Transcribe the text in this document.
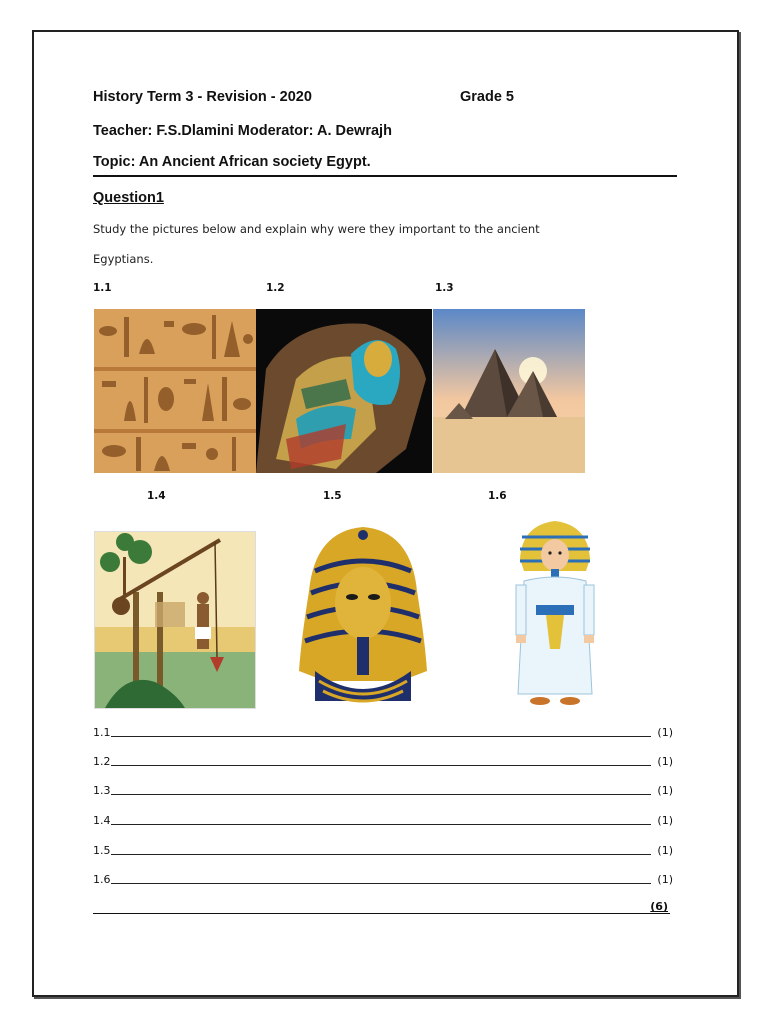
History Term 3 - Revision - 2020	Grade 5
Teacher: F.S.Dlamini Moderator: A. Dewrajh
Topic: An Ancient African society Egypt.
Question1
Study the pictures below and explain why were they important to the ancient
Egyptians.
1.1	1.2	1.3
1.4	1.5	1.6
1.1	(1)
1.2	(1)
1.3	(1)
1.4	(1)
1.5	(1)
1.6	(1)
(6)
